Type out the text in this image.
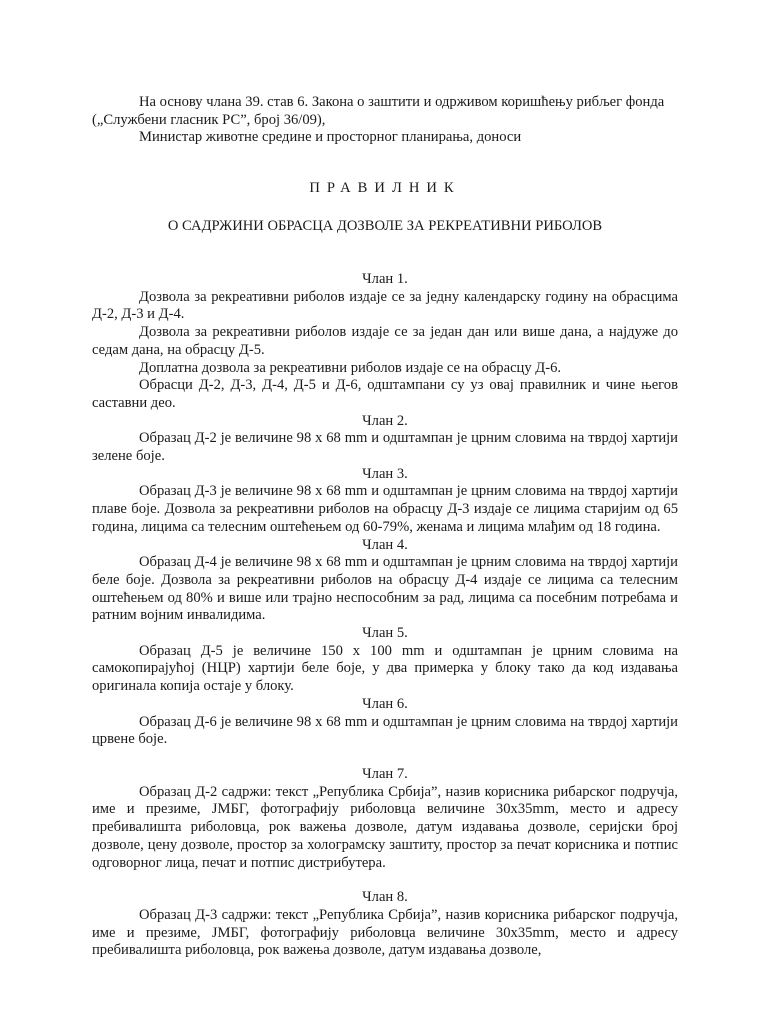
На основу члана 39. став 6. Закона о заштити и одрживом коришћењу рибљег фонда („Службени гласник РС”, број 36/09),

Министар животне средине и просторног планирања, доноси

ПРАВИЛНИК
О САДРЖИНИ ОБРАСЦА ДОЗВОЛЕ ЗА РЕКРЕАТИВНИ РИБОЛОВ

Члан 1.

Дозвола за рекреативни риболов издаје се за једну календарску годину на обрасцима Д-2, Д-3 и Д-4.

Дозвола за рекреативни риболов издаје се за један дан или више дана, а најдуже до седам дана, на обрасцу Д-5.

Доплатна дозвола за рекреативни риболов издаје се на обрасцу Д-6.

Обрасци Д-2, Д-3, Д-4, Д-5 и Д-6, одштампани су уз овај правилник и чине његов саставни део.

Члан 2.

Образац Д-2 је величине 98 x 68 mm и одштампан је црним словима на тврдој хартији зелене боје.

Члан 3.

Образац Д-3 је величине 98 x 68 mm и одштампан је црним словима на тврдој хартији плаве боје. Дозвола за рекреативни риболов на обрасцу Д-3 издаје се лицима старијим од 65 година, лицима са телесним оштећењем од 60-79%, женама и лицима млађим од 18 година.

Члан 4.

Образац Д-4 је величине 98 x 68 mm и одштампан је црним словима на тврдој хартији беле боје. Дозвола за рекреативни риболов на обрасцу Д-4 издаје се лицима са телесним оштећењем од 80% и више или трајно неспособним за рад, лицима са посебним потребама и ратним војним инвалидима.

Члан 5.

Образац Д-5 је величине 150 x 100 mm и одштампан је црним словима на самокопирајућој (НЦР) хартији беле боје, у два примерка у блоку тако да код издавања оригинала копија остаје у блоку.

Члан 6.

Образац Д-6 је величине 98 x 68 mm и одштампан је црним словима на тврдој хартији црвене боје.

Члан 7.

Образац Д-2 садржи: текст „Република Србија”, назив корисника рибарског подручја, име и презиме, ЈМБГ, фотографију риболовца величине 30x35mm, место и адресу пребивалишта риболовца, рок важења дозволе, датум издавања дозволе, серијски број дозволе, цену дозволе, простор за холограмску заштиту, простор за печат корисника и потпис одговорног лица, печат и потпис дистрибутера.

Члан 8.

Образац Д-3 садржи: текст „Република Србија”, назив корисника рибарског подручја, име и презиме, ЈМБГ, фотографију риболовца величине 30x35mm, место и адресу пребивалишта риболовца, рок важења дозволе, датум издавања дозволе,
